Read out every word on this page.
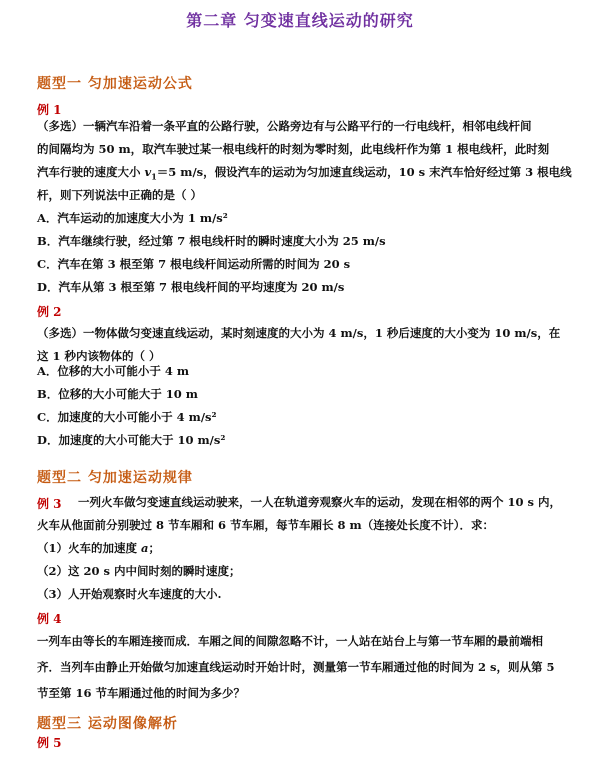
第二章 匀变速直线运动的研究
题型一 匀加速运动公式
例 1
（多选）一辆汽车沿着一条平直的公路行驶，公路旁边有与公路平行的一行电线杆，相邻电线杆间
的间隔均为 50 m，取汽车驶过某一根电线杆的时刻为零时刻，此电线杆作为第 1 根电线杆，此时刻
汽车行驶的速度大小 $v_1=5$ m/s，假设汽车的运动为匀加速直线运动，10 s 末汽车恰好经过第 3 根电线
杆，则下列说法中正确的是（ ）
A．汽车运动的加速度大小为 1 m/s²
B．汽车继续行驶，经过第 7 根电线杆时的瞬时速度大小为 25 m/s
C．汽车在第 3 根至第 7 根电线杆间运动所需的时间为 20 s
D．汽车从第 3 根至第 7 根电线杆间的平均速度为 20 m/s
例 2
（多选）一物体做匀变速直线运动，某时刻速度的大小为 4 m/s，1 秒后速度的大小变为 10 m/s，在
这 1 秒内该物体的（ ）
A．位移的大小可能小于 4 m
B．位移的大小可能大于 10 m
C．加速度的大小可能小于 4 m/s²
D．加速度的大小可能大于 10 m/s²
题型二 匀加速运动规律
例 3 一列火车做匀变速直线运动驶来，一人在轨道旁观察火车的运动，发现在相邻的两个 10 s 内，
火车从他面前分别驶过 8 节车厢和 6 节车厢，每节车厢长 8 m（连接处长度不计）．求：
（1）火车的加速度 a；
（2）这 20 s 内中间时刻的瞬时速度；
（3）人开始观察时火车速度的大小.
例 4
一列车由等长的车厢连接而成．车厢之间的间隙忽略不计，一人站在站台上与第一节车厢的最前端相齐．当列车由静止开始做匀加速直线运动时开始计时，测量第一节车厢通过他的时间为 2 s，则从第 5 节至第 16 节车厢通过他的时间为多少？
题型三 运动图像解析
例 5
